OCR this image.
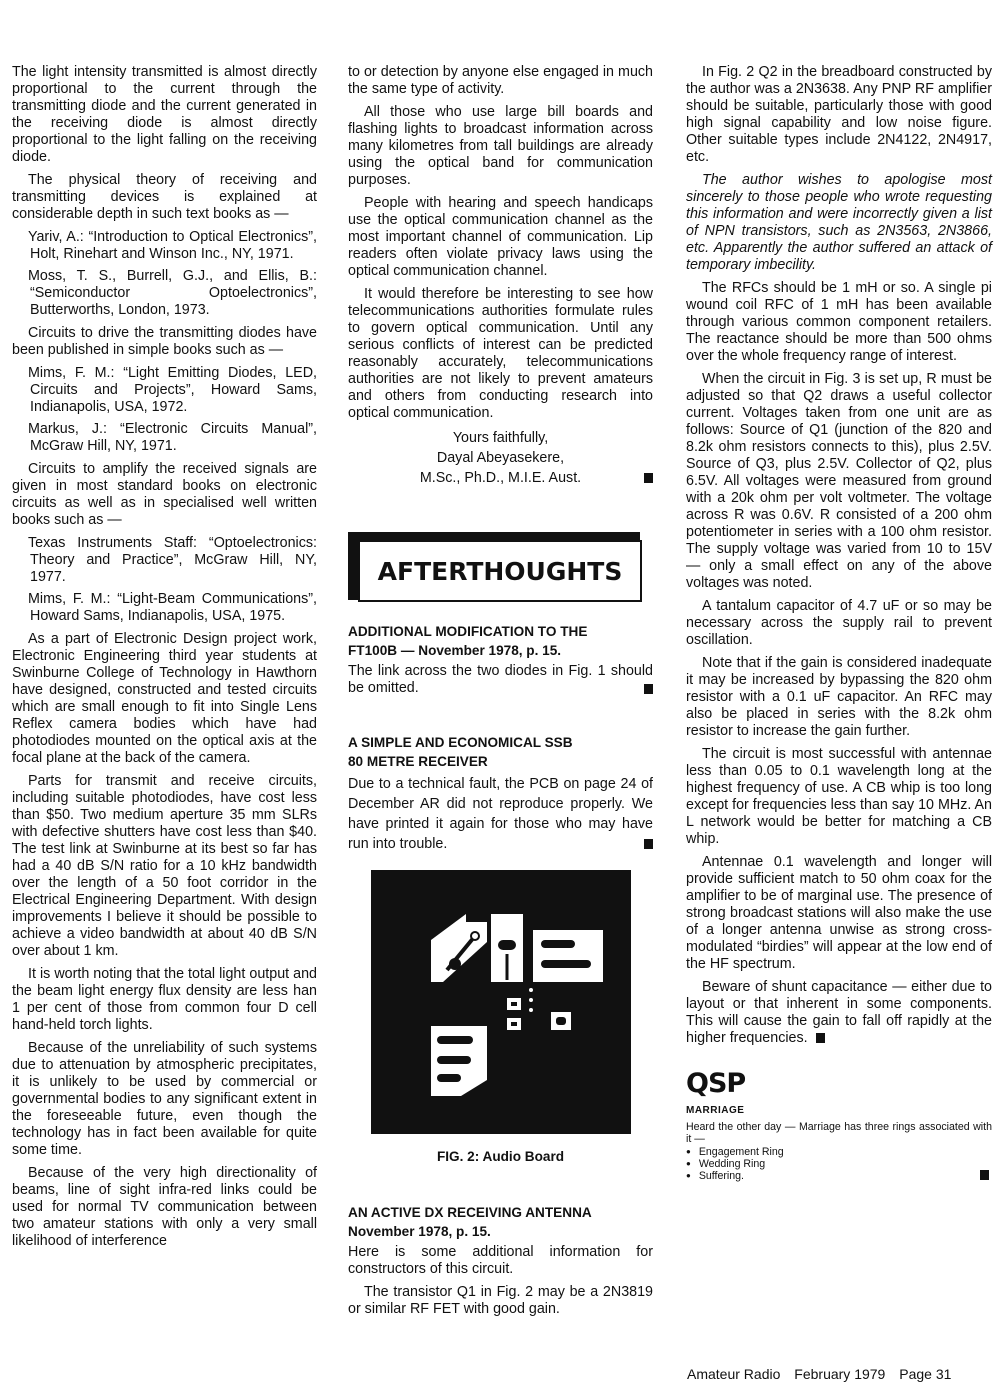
The light intensity transmitted is almost directly proportional to the current through the transmitting diode and the current generated in the receiving diode is almost directly proportional to the light falling on the receiving diode.

The physical theory of receiving and transmitting devices is explained at considerable depth in such text books as —

Yariv, A.: “Introduction to Optical Electronics”, Holt, Rinehart and Winson Inc., NY, 1971.
Moss, T. S., Burrell, G.J., and Ellis, B.: “Semiconductor Optoelectronics”, Butterworths, London, 1973.

Circuits to drive the transmitting diodes have been published in simple books such as —

Mims, F. M.: “Light Emitting Diodes, LED, Circuits and Projects”, Howard Sams, Indianapolis, USA, 1972.
Markus, J.: “Electronic Circuits Manual”, McGraw Hill, NY, 1971.

Circuits to amplify the received signals are given in most standard books on electronic circuits as well as in specialised well written books such as —

Texas Instruments Staff: “Optoelectronics: Theory and Practice”, McGraw Hill, NY, 1977.
Mims, F. M.: “Light-Beam Communications”, Howard Sams, Indianapolis, USA, 1975.

As a part of Electronic Design project work, Electronic Engineering third year students at Swinburne College of Technology in Hawthorn have designed, constructed and tested circuits which are small enough to fit into Single Lens Reflex camera bodies which have had photodiodes mounted on the optical axis at the focal plane at the back of the camera.

Parts for transmit and receive circuits, including suitable photodiodes, have cost less than $50. Two medium aperture 35 mm SLRs with defective shutters have cost less than $40. The test link at Swinburne at its best so far has had a 40 dB S/N ratio for a 10 kHz bandwidth over the length of a 50 foot corridor in the Electrical Engineering Department. With design improvements I believe it should be possible to achieve a video bandwidth at about 40 dB S/N over about 1 km.

It is worth noting that the total light output and the beam light energy flux density are less han 1 per cent of those from common four D cell hand-held torch lights.

Because of the unreliability of such systems due to attenuation by atmospheric precipitates, it is unlikely to be used by commercial or governmental bodies to any significant extent in the foreseeable future, even though the technology has in fact been available for quite some time.

Because of the very high directionality of beams, line of sight infra-red links could be used for normal TV communication between two amateur stations with only a very small likelihood of interference

to or detection by anyone else engaged in much the same type of activity.

All those who use large bill boards and flashing lights to broadcast information across many kilometres from tall buildings are already using the optical band for communication purposes.

People with hearing and speech handicaps use the optical communication channel as the most important channel of communication. Lip readers often violate privacy laws using the optical communication channel.

It would therefore be interesting to see how telecommunications authorities formulate rules to govern optical communication. Until any serious conflicts of interest can be predicted reasonably accurately, telecommunications authorities are not likely to prevent amateurs and others from conducting research into optical communication.

Yours faithfully,
Dayal Abeyasekere,
M.Sc., Ph.D., M.I.E. Aust.
AFTERTHOUGHTS
ADDITIONAL MODIFICATION TO THE
FT100B — November 1978, p. 15.

The link across the two diodes in Fig. 1 should be omitted.

A SIMPLE AND ECONOMICAL SSB
80 METRE RECEIVER

Due to a technical fault, the PCB on page 24 of December AR did not reproduce properly. We have printed it again for those who may have run into trouble.

FIG. 2: Audio Board
AN ACTIVE DX RECEIVING ANTENNA
November 1978, p. 15.

Here is some additional information for constructors of this circuit.

The transistor Q1 in Fig. 2 may be a 2N3819 or similar RF FET with good gain.

In Fig. 2 Q2 in the breadboard constructed by the author was a 2N3638. Any PNP RF amplifier should be suitable, particularly those with good high signal capability and low noise figure. Other suitable types include 2N4122, 2N4917, etc.

The author wishes to apologise most sincerely to those people who wrote requesting this information and were incorrectly given a list of NPN transistors, such as 2N3563, 2N3866, etc. Apparently the author suffered an attack of temporary imbecility.

The RFCs should be 1 mH or so. A single pi wound coil RFC of 1 mH has been available through various common component retailers. The reactance should be more than 500 ohms over the whole frequency range of interest.

When the circuit in Fig. 3 is set up, R must be adjusted so that Q2 draws a useful collector current. Voltages taken from one unit are as follows: Source of Q1 (junction of the 820 and 8.2k ohm resistors connects to this), plus 2.5V. Source of Q3, plus 2.5V. Collector of Q2, plus 6.5V. All voltages were measured from ground with a 20k ohm per volt voltmeter. The voltage across R was 0.6V. R consisted of a 200 ohm potentiometer in series with a 100 ohm resistor. The supply voltage was varied from 10 to 15V — only a small effect on any of the above voltages was noted.

A tantalum capacitor of 4.7 uF or so may be necessary across the supply rail to prevent oscillation.

Note that if the gain is considered inadequate it may be increased by bypassing the 820 ohm resistor with a 0.1 uF capacitor. An RFC may also be placed in series with the 8.2k ohm resistor to increase the gain further.

The circuit is most successful with antennae less than 0.05 to 0.1 wavelength long at the highest frequency of use. A CB whip is too long except for frequencies less than say 10 MHz. An L network would be better for matching a CB whip.

Antennae 0.1 wavelength and longer will provide sufficient match to 50 ohm coax for the amplifier to be of marginal use. The presence of strong broadcast stations will also make the use of a longer antenna unwise as strong cross-modulated “birdies” will appear at the low end of the HF spectrum.

Beware of shunt capacitance — either due to layout or that inherent in some components. This will cause the gain to fall off rapidly at the higher frequencies.

QSP
MARRIAGE

Heard the other day — Marriage has three rings associated with it —

● Engagement Ring
● Wedding Ring
● Suffering.
Amateur Radio February 1979 Page 31
